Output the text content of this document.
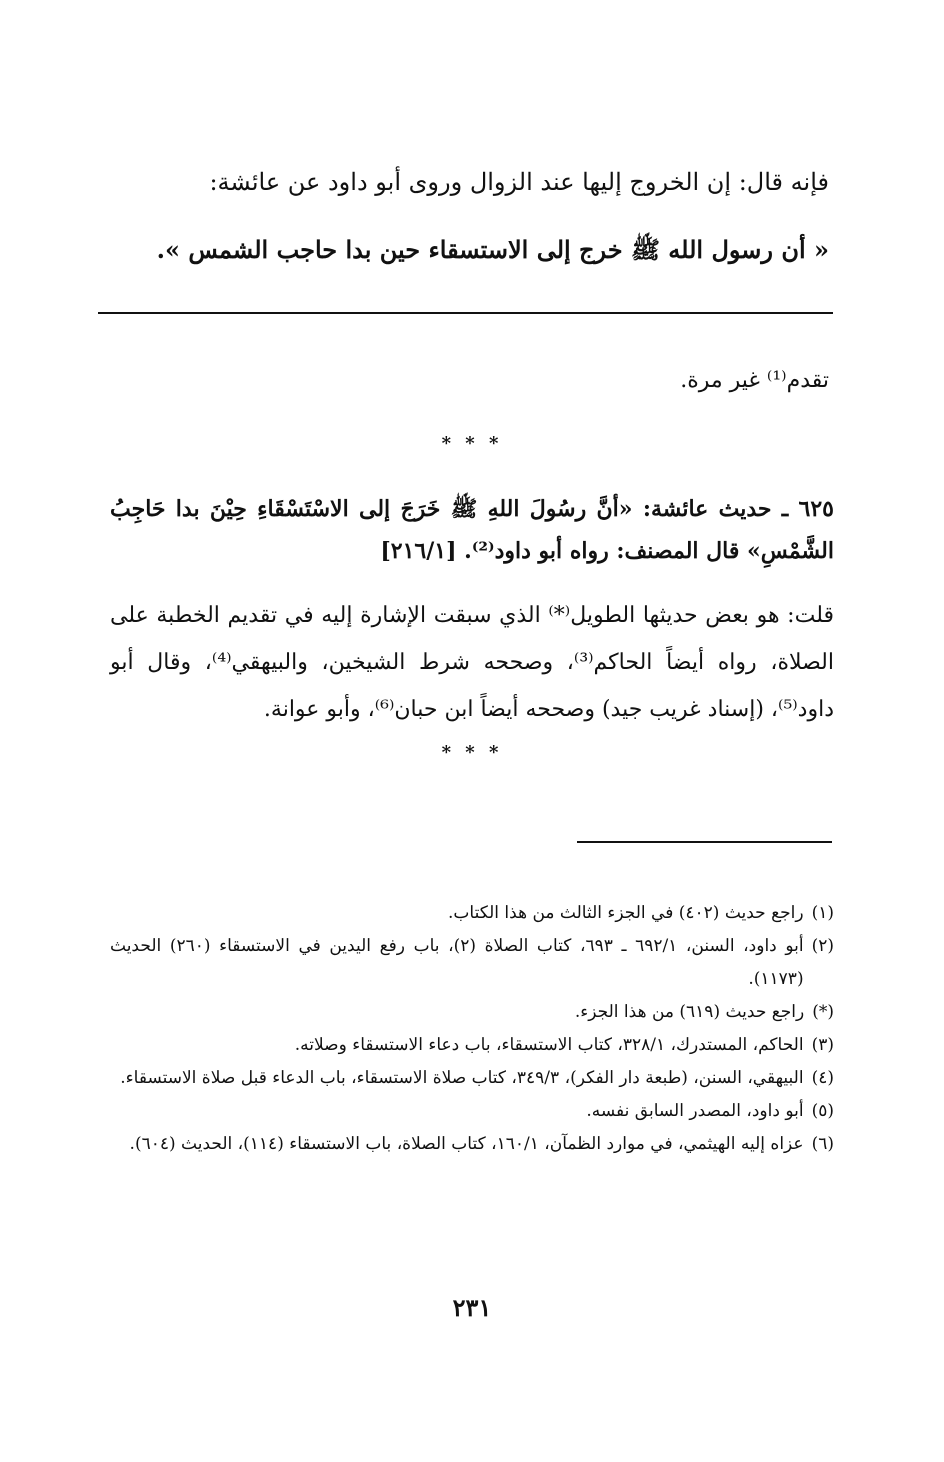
فإنه قال: إن الخروج إليها عند الزوال وروى أبو داود عن عائشة:
« أن رسول الله ﷺ خرج إلى الاستسقاء حين بدا حاجب الشمس ».
تقدم⁽¹⁾ غير مرة.
* * *
٦٢٥ ـ حديث عائشة: «أنَّ رسُولَ اللهِ ﷺ خَرَجَ إلى الاسْتَسْقَاءِ حِيْنَ بدا حَاجِبُ الشَّمْسِ» قال المصنف: رواه أبو داود⁽²⁾. [٢١٦/١]
قلت: هو بعض حديثها الطويل⁽*⁾ الذي سبقت الإشارة إليه في تقديم الخطبة على الصلاة، رواه أيضاً الحاكم⁽³⁾، وصححه شرط الشيخين، والبيهقي⁽⁴⁾، وقال أبو داود⁽⁵⁾، (إسناد غريب جيد) وصححه أيضاً ابن حبان⁽⁶⁾، وأبو عوانة.
* * *
(١)
راجع حديث (٤٠٢) في الجزء الثالث من هذا الكتاب.
(٢)
أبو داود، السنن، ٦٩٢/١ ـ ٦٩٣، كتاب الصلاة (٢)، باب رفع اليدين في الاستسقاء (٢٦٠) الحديث (١١٧٣).
(*)
راجع حديث (٦١٩) من هذا الجزء.
(٣)
الحاكم، المستدرك، ٣٢٨/١، كتاب الاستسقاء، باب دعاء الاستسقاء وصلاته.
(٤)
البيهقي، السنن، (طبعة دار الفكر)، ٣٤٩/٣، كتاب صلاة الاستسقاء، باب الدعاء قبل صلاة الاستسقاء.
(٥)
أبو داود، المصدر السابق نفسه.
(٦)
عزاه إليه الهيثمي، في موارد الظمآن، ١٦٠/١، كتاب الصلاة، باب الاستسقاء (١١٤)، الحديث (٦٠٤).
٢٣١
